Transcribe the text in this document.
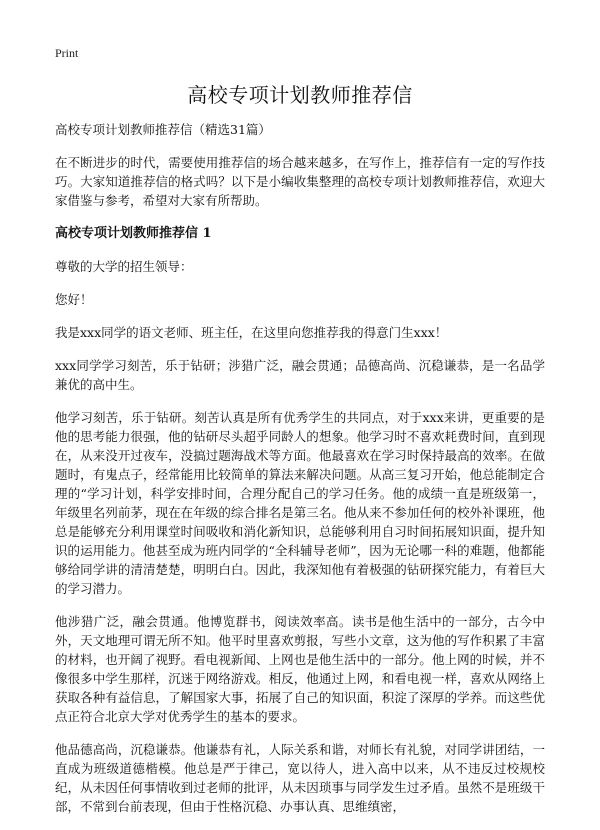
Print
高校专项计划教师推荐信

高校专项计划教师推荐信（精选31篇）

在不断进步的时代，需要使用推荐信的场合越来越多，在写作上，推荐信有一定的写作技巧。大家知道推荐信的格式吗？以下是小编收集整理的高校专项计划教师推荐信，欢迎大家借鉴与参考，希望对大家有所帮助。

高校专项计划教师推荐信 1

尊敬的大学的招生领导：

您好！

我是xxx同学的语文老师、班主任，在这里向您推荐我的得意门生xxx！

xxx同学学习刻苦，乐于钻研；涉猎广泛，融会贯通；品德高尚、沉稳谦恭，是一名品学兼优的高中生。

他学习刻苦，乐于钻研。刻苦认真是所有优秀学生的共同点，对于xxx来讲，更重要的是他的思考能力很强，他的钻研尽头超乎同龄人的想象。他学习时不喜欢耗费时间，直到现在，从来没开过夜车，没搞过题海战术等方面。他最喜欢在学习时保持最高的效率。在做题时，有鬼点子，经常能用比较简单的算法来解决问题。从高三复习开始，他总能制定合理的“学习计划，科学安排时间，合理分配自己的学习任务。他的成绩一直是班级第一，年级里名列前茅，现在在年级的综合排名是第三名。他从来不参加任何的校外补课班，他总是能够充分利用课堂时间吸收和消化新知识，总能够利用自习时间拓展知识面，提升知识的运用能力。他甚至成为班内同学的“全科辅导老师”，因为无论哪一科的难题，他都能够给同学讲的清清楚楚，明明白白。因此，我深知他有着极强的钻研探究能力，有着巨大的学习潜力。

他涉猎广泛，融会贯通。他博览群书，阅读效率高。读书是他生活中的一部分，古今中外，天文地理可谓无所不知。他平时里喜欢剪报，写些小文章，这为他的写作积累了丰富的材料，也开阔了视野。看电视新闻、上网也是他生活中的一部分。他上网的时候，并不像很多中学生那样，沉迷于网络游戏。相反，他通过上网，和看电视一样，喜欢从网络上获取各种有益信息，了解国家大事，拓展了自己的知识面，积淀了深厚的学养。而这些优点正符合北京大学对优秀学生的基本的要求。

他品德高尚，沉稳谦恭。他谦恭有礼，人际关系和谐，对师长有礼貌，对同学讲团结，一直成为班级道德楷模。他总是严于律己，宽以待人，进入高中以来，从不违反过校规校纪，从未因任何事情收到过老师的批评，从未因琐事与同学发生过矛盾。虽然不是班级干部，不常到台前表现，但由于性格沉稳、办事认真、思维缜密，
